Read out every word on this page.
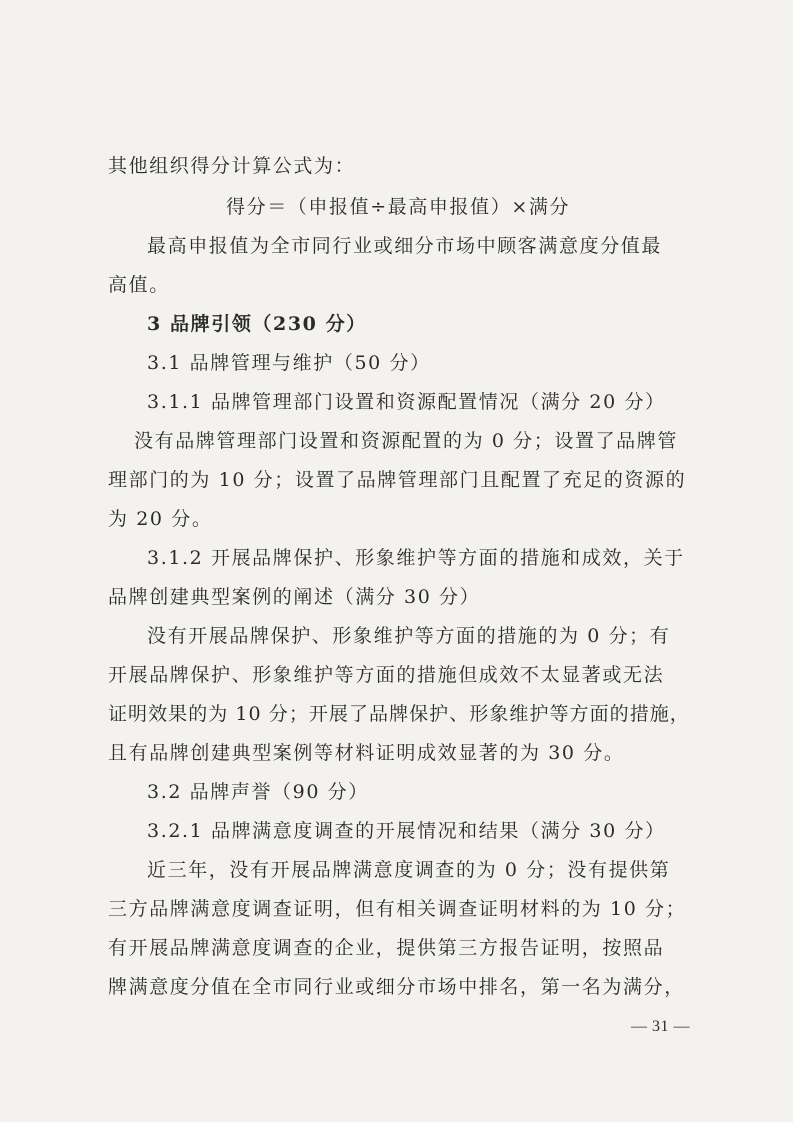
其他组织得分计算公式为：
得分＝（申报值÷最高申报值）×满分
最高申报值为全市同行业或细分市场中顾客满意度分值最
高值。
3 品牌引领（230 分）
3.1 品牌管理与维护（50 分）
3.1.1 品牌管理部门设置和资源配置情况（满分 20 分）
没有品牌管理部门设置和资源配置的为 0 分；设置了品牌管
理部门的为 10 分；设置了品牌管理部门且配置了充足的资源的
为 20 分。
3.1.2 开展品牌保护、形象维护等方面的措施和成效，关于
品牌创建典型案例的阐述（满分 30 分）
没有开展品牌保护、形象维护等方面的措施的为 0 分；有
开展品牌保护、形象维护等方面的措施但成效不太显著或无法
证明效果的为 10 分；开展了品牌保护、形象维护等方面的措施，
且有品牌创建典型案例等材料证明成效显著的为 30 分。
3.2 品牌声誉（90 分）
3.2.1 品牌满意度调查的开展情况和结果（满分 30 分）
近三年，没有开展品牌满意度调查的为 0 分；没有提供第
三方品牌满意度调查证明，但有相关调查证明材料的为 10 分；
有开展品牌满意度调查的企业，提供第三方报告证明，按照品
牌满意度分值在全市同行业或细分市场中排名，第一名为满分，
— 31 —
